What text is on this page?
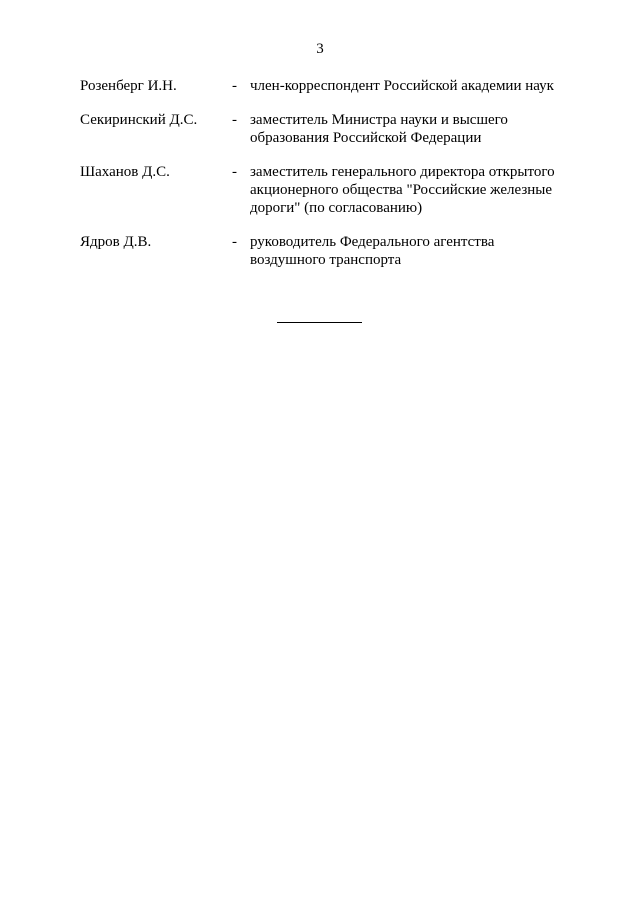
3
Розенберг И.Н.	- член-корреспондент Российской академии наук
Секиринский Д.С.	- заместитель Министра науки и высшего
образования Российской Федерации
Шаханов Д.С.	- заместитель генерального директора открытого
акционерного общества "Российские железные
дороги" (по согласованию)
Ядров Д.В.	- руководитель Федерального агентства
воздушного транспорта
